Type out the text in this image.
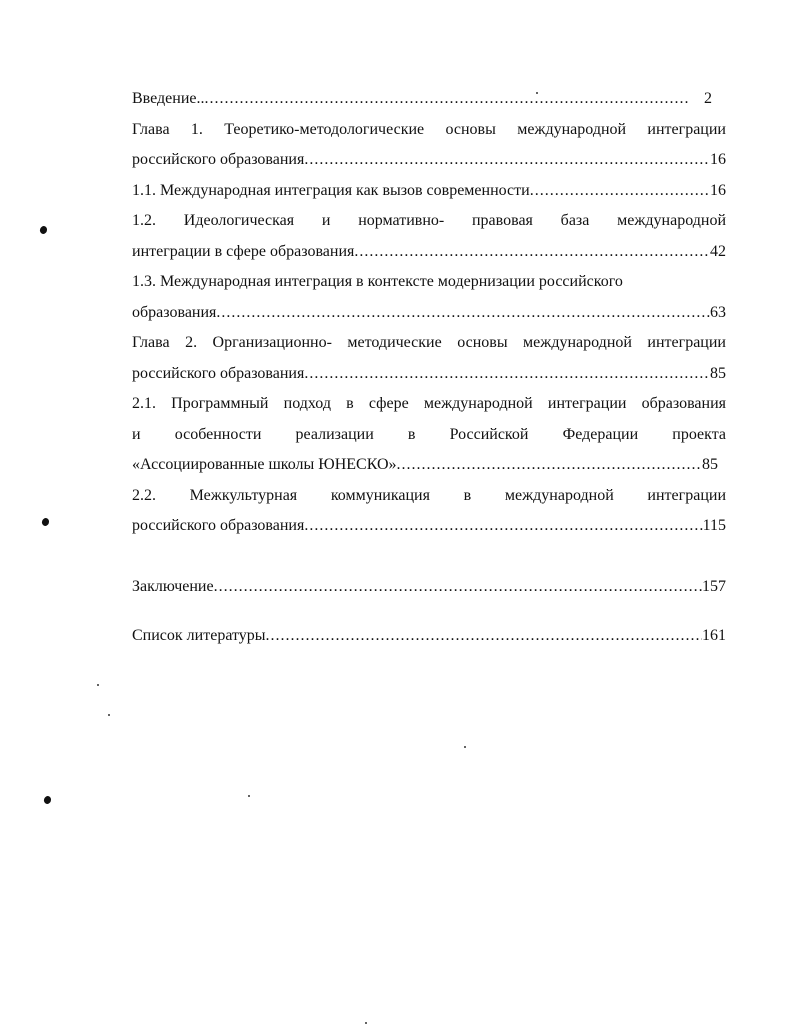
Введение.. .....	2
Глава 1. Теоретико-методологические основы международной интеграции
российского образования .....	16
1.1. Международная интеграция как вызов современности .....	16
1.2. Идеологическая и нормативно- правовая база международной
интеграции в сфере образования .....	42
1.3. Международная интеграция в контексте модернизации российского
образования .....	63
Глава 2. Организационно- методические основы международной интеграции
российского образования .....	85
2.1. Программный подход в сфере международной интеграции образования
и особенности реализации в Российской Федерации проекта
«Ассоциированные школы ЮНЕСКО» .....	85
2.2. Межкультурная коммуникация в международной интеграции
российского образования .....	115
Заключение .....	157
Список литературы .....	161
